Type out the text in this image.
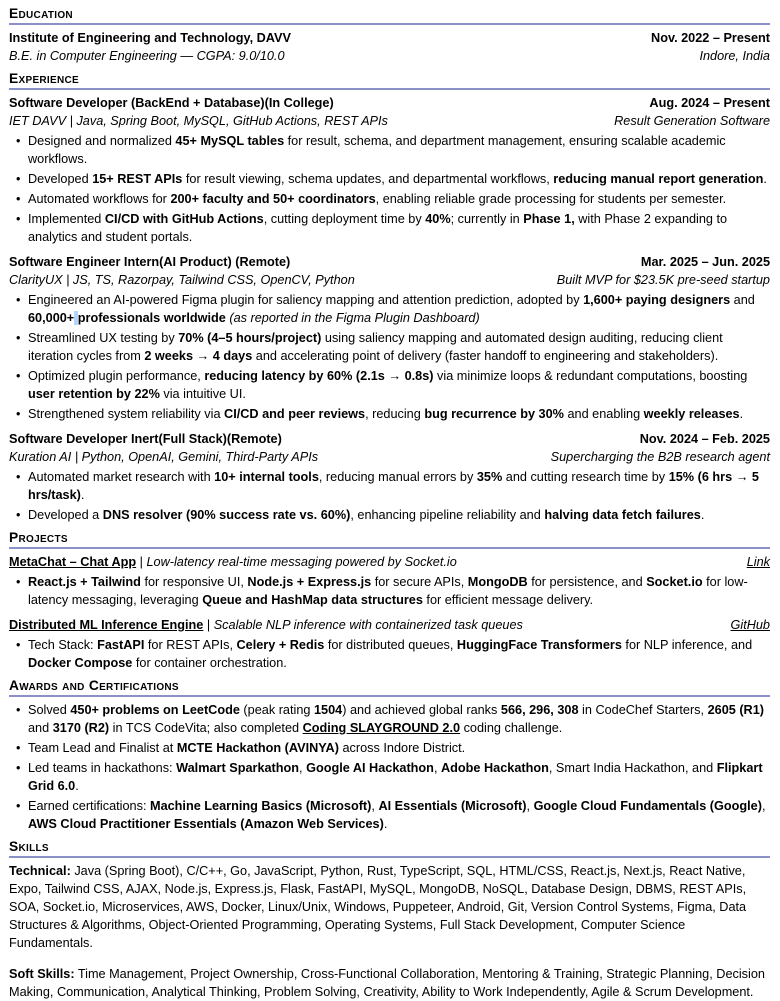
Education
Institute of Engineering and Technology, DAVV	Nov. 2022 – Present
B.E. in Computer Engineering — CGPA: 9.0/10.0	Indore, India
Experience
Software Developer (BackEnd + Database)(In College)	Aug. 2024 – Present
IET DAVV | Java, Spring Boot, MySQL, GitHub Actions, REST APIs	Result Generation Software
• Designed and normalized 45+ MySQL tables for result, schema, and department management, ensuring scalable academic workflows.
• Developed 15+ REST APIs for result viewing, schema updates, and departmental workflows, reducing manual report generation.
• Automated workflows for 200+ faculty and 50+ coordinators, enabling reliable grade processing for students per semester.
• Implemented CI/CD with GitHub Actions, cutting deployment time by 40%; currently in Phase 1, with Phase 2 expanding to analytics and student portals.
Software Engineer Intern(AI Product) (Remote)	Mar. 2025 – Jun. 2025
ClarityUX | JS, TS, Razorpay, Tailwind CSS, OpenCV, Python	Built MVP for $23.5K pre-seed startup
• Engineered an AI-powered Figma plugin for saliency mapping and attention prediction, adopted by 1,600+ paying designers and 60,000+ professionals worldwide (as reported in the Figma Plugin Dashboard)
• Streamlined UX testing by 70% (4–5 hours/project) using saliency mapping and automated design auditing, reducing client iteration cycles from 2 weeks → 4 days and accelerating point of delivery (faster handoff to engineering and stakeholders).
• Optimized plugin performance, reducing latency by 60% (2.1s → 0.8s) via minimize loops & redundant computations, boosting user retention by 22% via intuitive UI.
• Strengthened system reliability via CI/CD and peer reviews, reducing bug recurrence by 30% and enabling weekly releases.
Software Developer Inert(Full Stack)(Remote)	Nov. 2024 – Feb. 2025
Kuration AI | Python, OpenAI, Gemini, Third-Party APIs	Supercharging the B2B research agent
• Automated market research with 10+ internal tools, reducing manual errors by 35% and cutting research time by 15% (6 hrs → 5 hrs/task).
• Developed a DNS resolver (90% success rate vs. 60%), enhancing pipeline reliability and halving data fetch failures.
Projects
MetaChat – Chat App | Low-latency real-time messaging powered by Socket.io	Link
• React.js + Tailwind for responsive UI, Node.js + Express.js for secure APIs, MongoDB for persistence, and Socket.io for low-latency messaging, leveraging Queue and HashMap data structures for efficient message delivery.
Distributed ML Inference Engine | Scalable NLP inference with containerized task queues	GitHub
• Tech Stack: FastAPI for REST APIs, Celery + Redis for distributed queues, HuggingFace Transformers for NLP inference, and Docker Compose for container orchestration.
Awards and Certifications
• Solved 450+ problems on LeetCode (peak rating 1504) and achieved global ranks 566, 296, 308 in CodeChef Starters, 2605 (R1) and 3170 (R2) in TCS CodeVita; also completed Coding SLAYGROUND 2.0 coding challenge.
• Team Lead and Finalist at MCTE Hackathon (AVINYA) across Indore District.
• Led teams in hackathons: Walmart Sparkathon, Google AI Hackathon, Adobe Hackathon, Smart India Hackathon, and Flipkart Grid 6.0.
• Earned certifications: Machine Learning Basics (Microsoft), AI Essentials (Microsoft), Google Cloud Fundamentals (Google), AWS Cloud Practitioner Essentials (Amazon Web Services).
Skills
Technical: Java (Spring Boot), C/C++, Go, JavaScript, Python, Rust, TypeScript, SQL, HTML/CSS, React.js, Next.js, React Native, Expo, Tailwind CSS, AJAX, Node.js, Express.js, Flask, FastAPI, MySQL, MongoDB, NoSQL, Database Design, DBMS, REST APIs, SOA, Socket.io, Microservices, AWS, Docker, Linux/Unix, Windows, Puppeteer, Android, Git, Version Control Systems, Figma, Data Structures & Algorithms, Object-Oriented Programming, Operating Systems, Full Stack Development, Computer Science Fundamentals.
Soft Skills: Time Management, Project Ownership, Cross-Functional Collaboration, Mentoring & Training, Strategic Planning, Decision Making, Communication, Analytical Thinking, Problem Solving, Creativity, Ability to Work Independently, Agile & Scrum Development.
